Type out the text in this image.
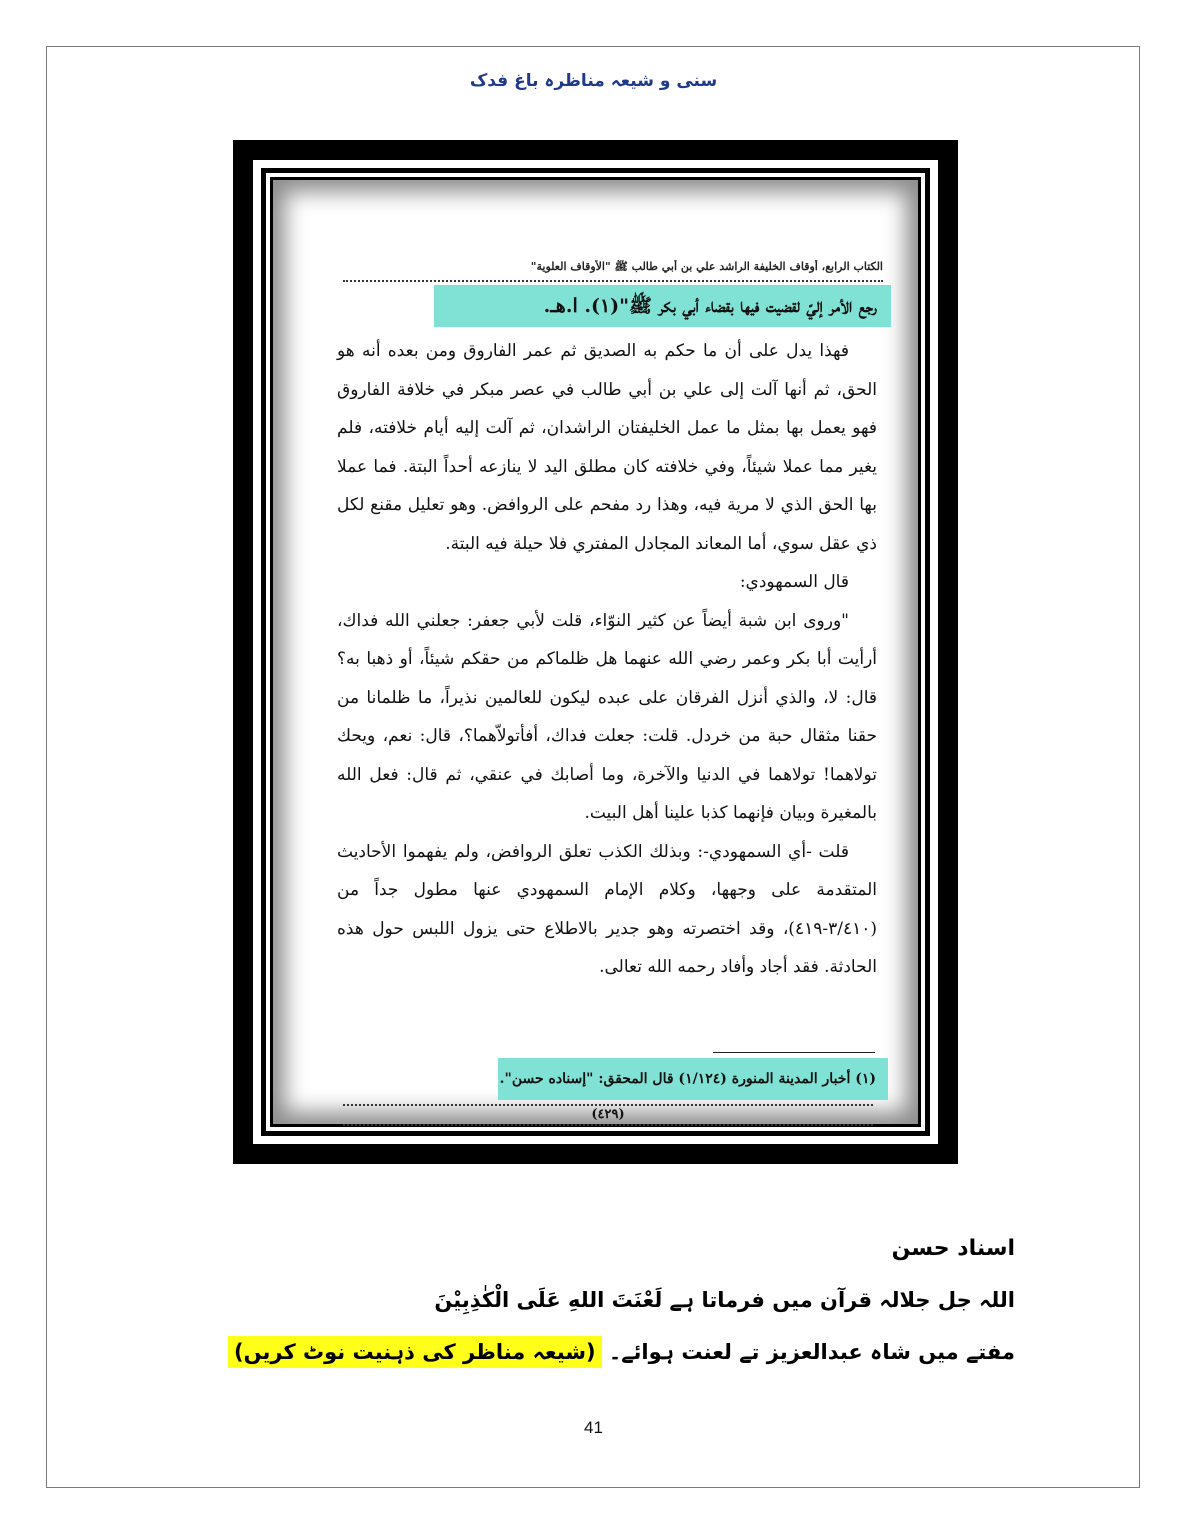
سنی و شیعہ مناظرہ باغ فدک
الكتاب الرابع، أوقاف الخليفة الراشد علي بن أبي طالب ﷺ "الأوقاف العلوية"
رجع الأمر إليّ لقضيت فيها بقضاء أبي بكر ﷺ"(١). ا.هـ.

فهذا يدل على أن ما حكم به الصديق ثم عمر الفاروق ومن بعده أنه هو الحق، ثم أنها آلت إلى علي بن أبي طالب في عصر مبكر في خلافة الفاروق فهو يعمل بها بمثل ما عمل الخليفتان الراشدان، ثم آلت إليه أيام خلافته، فلم يغير مما عملا شيئاً، وفي خلافته كان مطلق اليد لا ينازعه أحداً البتة. فما عملا بها الحق الذي لا مرية فيه، وهذا رد مفحم على الروافض. وهو تعليل مقنع لكل ذي عقل سوي، أما المعاند المجادل المفتري فلا حيلة فيه البتة.

قال السمهودي:

"وروى ابن شبة أيضاً عن كثير النوّاء، قلت لأبي جعفر: جعلني الله فداك، أرأيت أبا بكر وعمر رضي الله عنهما هل ظلماكم من حقكم شيئاً، أو ذهبا به؟ قال: لا، والذي أنزل الفرقان على عبده ليكون للعالمين نذيراً، ما ظلمانا من حقنا مثقال حبة من خردل. قلت: جعلت فداك، أفأتولاّهما؟، قال: نعم، ويحك تولاهما! تولاهما في الدنيا والآخرة، وما أصابك في عنقي، ثم قال: فعل الله بالمغيرة وبيان فإنهما كذبا علينا أهل البيت.

قلت -أي السمهودي-: وبذلك الكذب تعلق الروافض، ولم يفهموا الأحاديث المتقدمة على وجهها، وكلام الإمام السمهودي عنها مطول جداً من (٣/٤١٠-٤١٩)، وقد اختصرته وهو جدير بالاطلاع حتى يزول اللبس حول هذه الحادثة. فقد أجاد وأفاد رحمه الله تعالى.

(١) أخبار المدينة المنورة (١/١٢٤) قال المحقق: "إسناده حسن".
(٤٢٩)
اسناد حسن
اللہ جل جلالہ قرآن میں فرماتا ہے لَعْنَتَ اللهِ عَلَى الْكٰذِبِيْنَ
مفتے میں شاہ عبدالعزیز تے لعنت ہوائے۔ (شیعہ مناظر کی ذہنیت نوٹ کریں)
41
